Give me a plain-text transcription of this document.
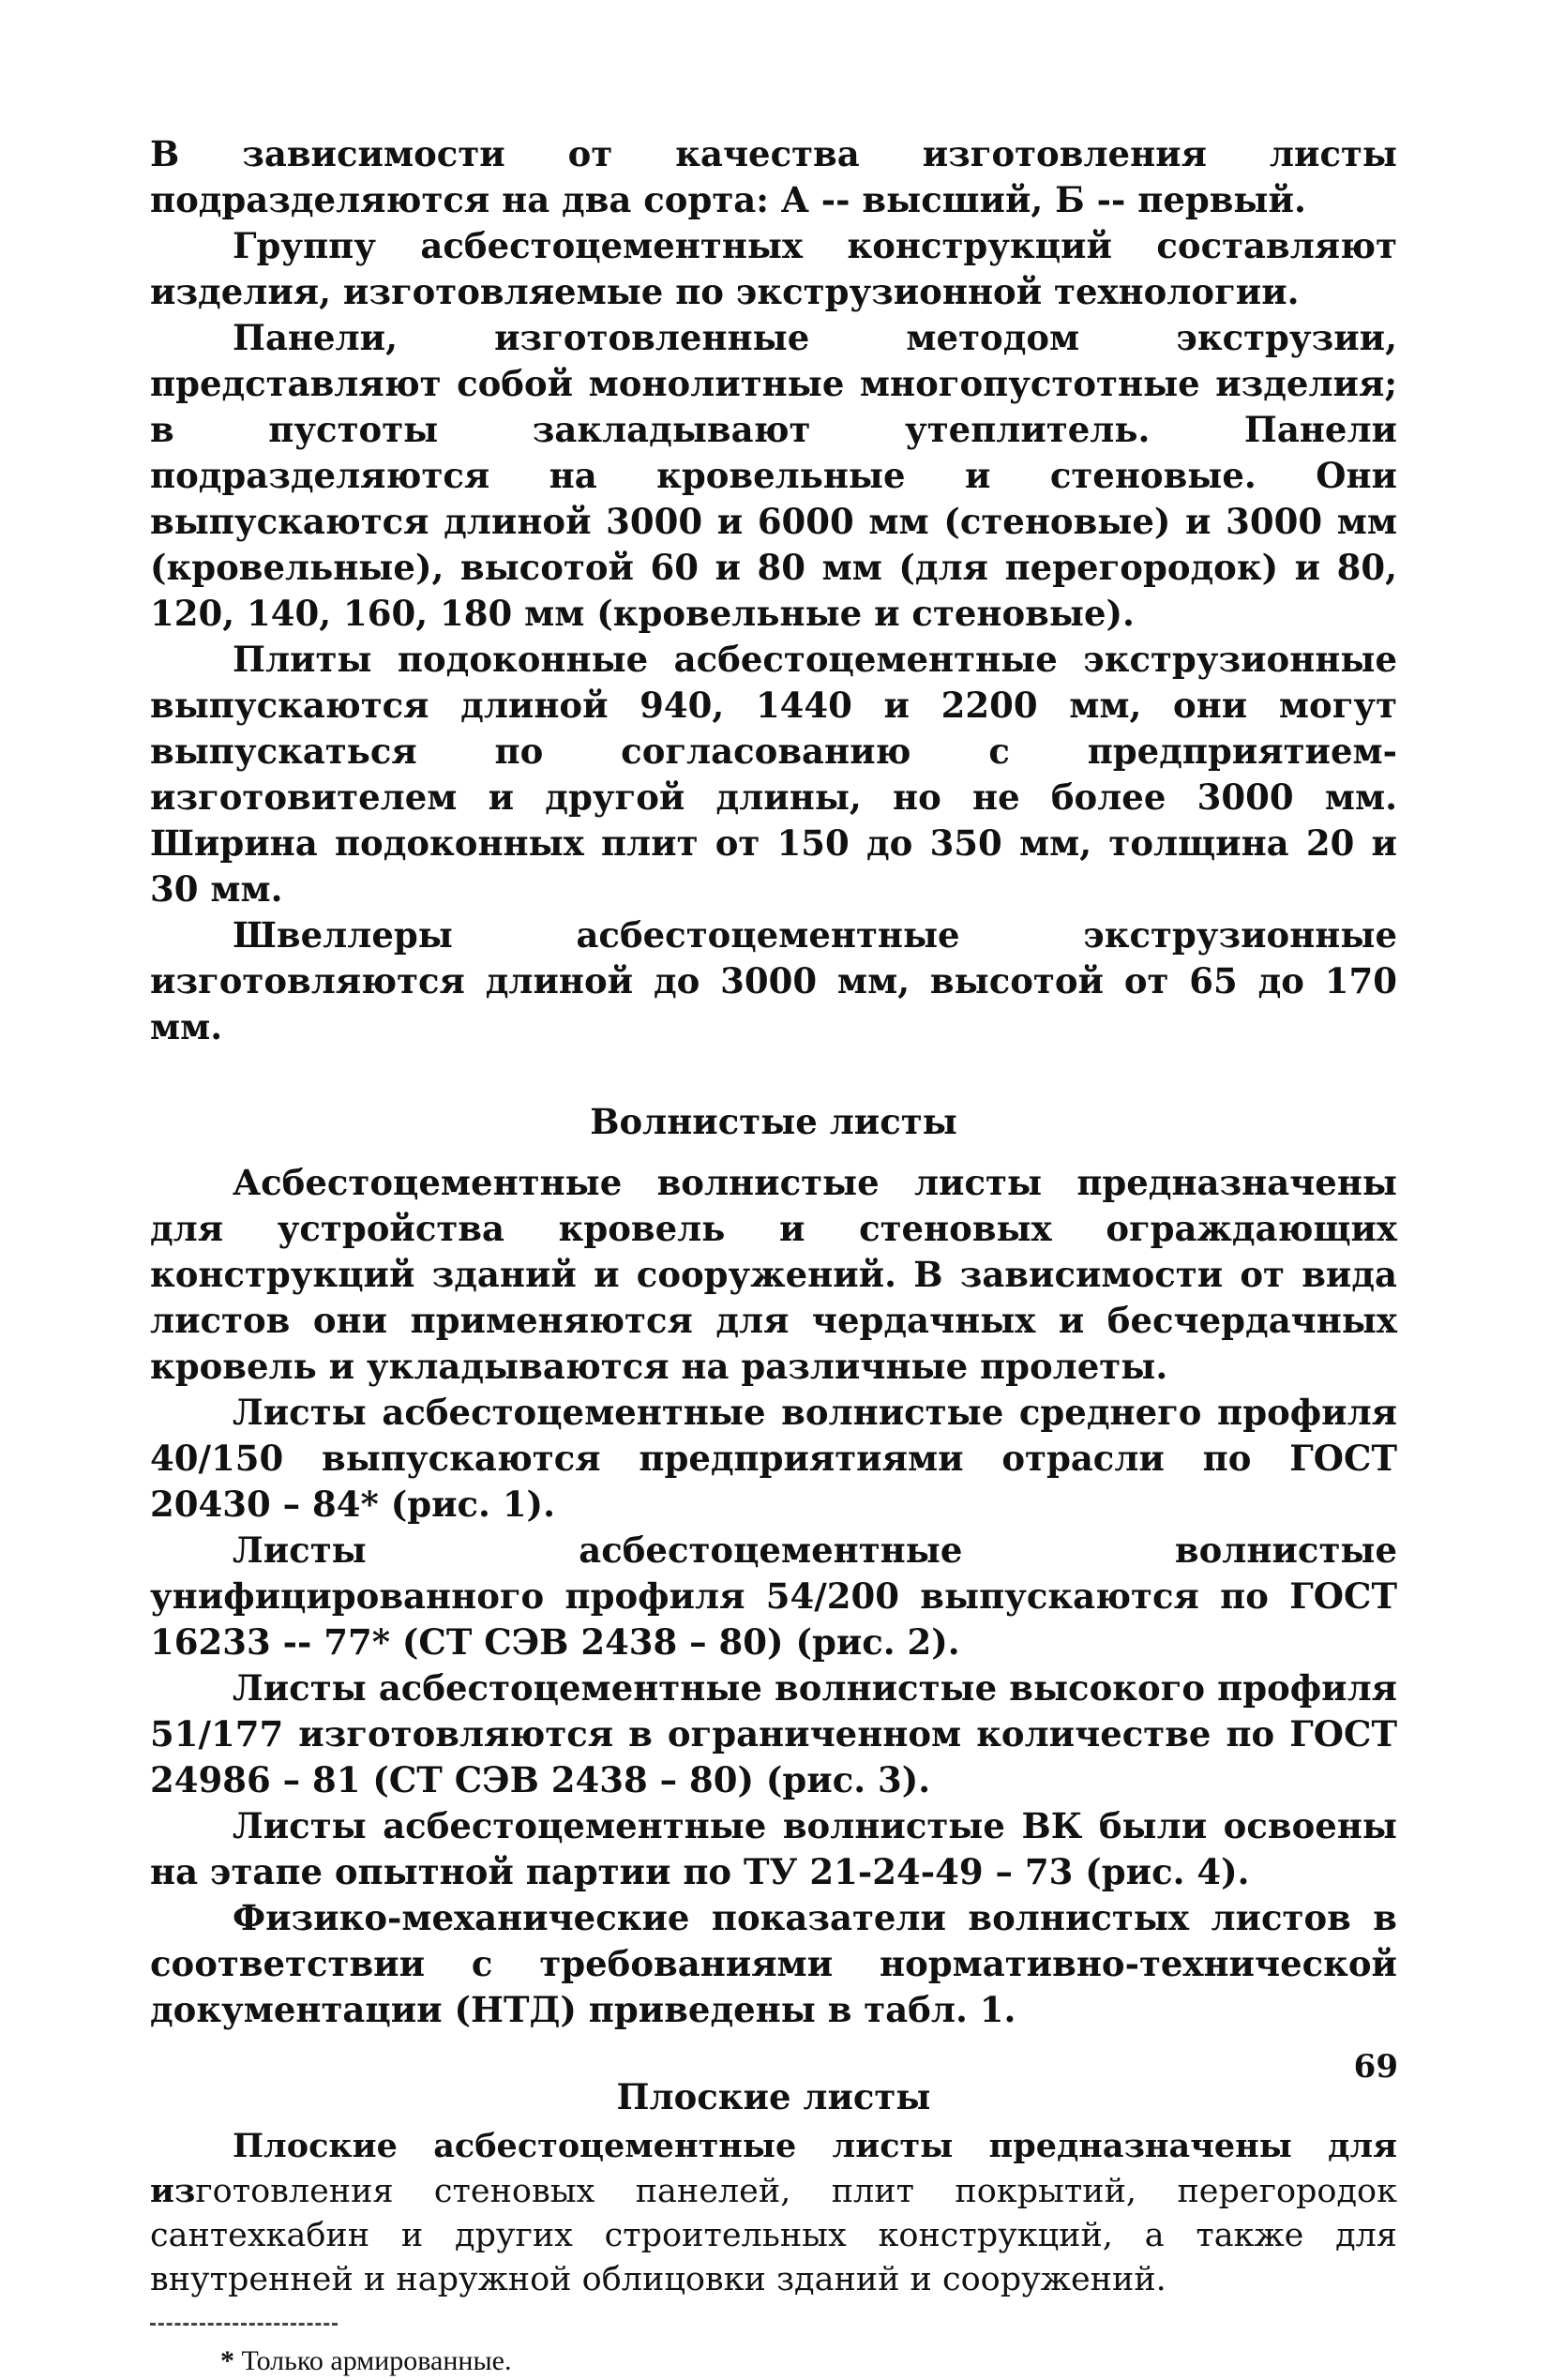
В зависимости от качества изготовления листы подразделяются на два сорта: А -- высший, Б -- первый.

Группу асбестоцементных конструкций составляют изделия, изготовляемые по экструзионной технологии.

Панели, изготовленные методом экструзии, представляют собой монолитные многопустотные изделия; в пустоты закладывают утеплитель. Панели подразделяются на кровельные и стеновые. Они выпускаются длиной 3000 и 6000 мм (стеновые) и 3000 мм (кровельные), высотой 60 и 80 мм (для перегородок) и 80, 120, 140, 160, 180 мм (кровельные и стеновые).

Плиты подоконные асбестоцементные экструзионные выпускаются длиной 940, 1440 и 2200 мм, они могут выпускаться по согласованию с предприятием-изготовителем и другой длины, но не более 3000 мм. Ширина подоконных плит от 150 до 350 мм, толщина 20 и 30 мм.

Швеллеры асбестоцементные экструзионные изготовляются длиной до 3000 мм, высотой от 65 до 170 мм.

Волнистые листы

Асбестоцементные волнистые листы предназначены для устройства кровель и стеновых ограждающих конструкций зданий и сооружений. В зависимости от вида листов они применяются для чердачных и бесчердачных кровель и укладываются на различные пролеты.

Листы асбестоцементные волнистые среднего профиля 40/150 выпускаются предприятиями отрасли по ГОСТ 20430 – 84* (рис. 1).

Листы асбестоцементные волнистые унифицированного профиля 54/200 выпускаются по ГОСТ 16233 -- 77* (СТ СЭВ 2438 – 80) (рис. 2).

Листы асбестоцементные волнистые высокого профиля 51/177 изготовляются в ограниченном количестве по ГОСТ 24986 – 81 (СТ СЭВ 2438 – 80) (рис. 3).

Листы асбестоцементные волнистые ВК были освоены на этапе опытной партии по ТУ 21-24-49 – 73 (рис. 4).

Физико-механические показатели волнистых листов в соответствии с требованиями нормативно-технической документации (НТД) приведены в табл. 1.

Плоские листы

Плоские асбестоцементные листы предназначены для изготовления стеновых панелей, плит покрытий, перегородок сантехкабин и других строительных конструкций, а также для внутренней и наружной облицовки зданий и сооружений.

* Только армированные.

69
